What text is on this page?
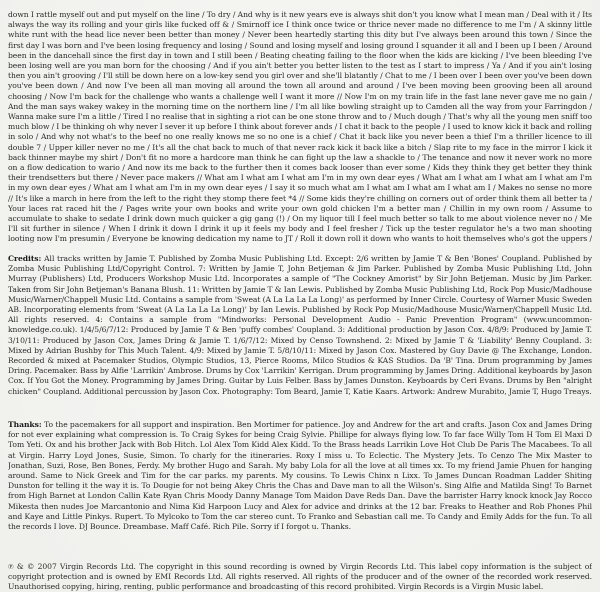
down I rattle myself out and put myself on the line / To dry / And why is it new years eve is always shit don't you know what I mean man / Deal with it / Its always the way its rolling and your girls like fucked off & / Smirnoff ice I think once twice or thrice never made no difference to me I'm / A skinny little white runt with the head lice never been better than money / Never been heartedly starting this dity but I've always been around this town / Since the first day I was born and I've been losing frequency and losing / Sound and losing myself and losing ground I squander it all and I been up I been / Around been in the dancehall since the first day in town and I still been / Beating cheating failing to the floor when the kids are kicking / I've been bleeding I've been losing well are you man born for the choosing / And if you ain't better you better listen to the test as I start to impress / Ya / And if you ain't losing then you ain't grooving / I'll still be down here on a low-key send you girl over and she'll blatantly / Chat to me / I been over I been over you've been down you've been down / And now I've been all man moving all around the town all around and around / I've been moving been grooving been all around choosing / Now I'm back for the challenge who wants a challenge well I want it more // Now I'm on my train life in the fast lane never gave me no gain / And the man says wakey wakey in the morning time on the northern line / I'm all like bowling straight up to Camden all the way from your Farringdon / Wanna make sure I'm a little / Tired I no realise that in sighting a riot can be one stone throw and to / Much dough / That's why all the young men sniff too much blow / I be thinking oh why never I sever it up before I think about forever ands / I chat it back to the people / I used to know kick it back and rolling in solo / And why not what's to the beef no one really knows me so no one is a chief / Chat it back like you never been a thief I'm a thriller licence to ill double 7 / Upper killer never no me / It's all the chat back to much of that never rack kick it back like a bitch / Slap rite to my face in the mirror I kick it back thinner maybe my shirt / Don't fit no more a hardcore man think he can fight up the law a shackle to / The tenance and now it never work no more on a flow dedication to wario / And now its me back to the further then it comes back looser than ever some / Kids they think they get better they think their trendsetters but there / Never pace makers // What am I what am I what am I'm in my own dear eyes / What am I what am I what am I what am I'm in my own dear eyes / What am I what am I'm in my own dear eyes / I say it so much what am I what am I what am I what am I / Makes no sense no more // It's like a march in here from the left to the right they stomp there feet *4 // Some kids they're chilling on corners out of order think them all better ta / Your laces rat raced hit the / Pages write your own books and write your own gold chicken I'm a better man / Chillin in my own room / Assume to accumulate to shake to sedate I drink down much quicker a gig gang (!) / On my liquor till I feel much better so talk to me about violence never no / Me I'll sit further in silence / When I drink it down I drink it up it feels my body and I feel fresher / Tick up the tester regulator he's a two man shooting looting now I'm presumin / Everyone be knowing dedication my name to JT / Roll it down roll it down who wants to hoit themselves who's got the uppers /
Credits: All tracks written by Jamie T. Published by Zomba Music Publishing Ltd. Except: 2/6 written by Jamie T & Ben 'Bones' Coupland. Published by Zomba Music Publishing Ltd/Copyright Control. 7: Written by Jamie T, John Betjeman & Jim Parker. Published by Zomba Music Publishing Ltd, John Murray (Publishers) Ltd, Producers Workshop Music Ltd. Incorporates a sample of "The Cockney Amorist" by Sir John Betjeman. Music by Jim Parker. Taken from Sir John Betjeman's Banana Blush. 11: Written by Jamie T & Ian Lewis. Published by Zomba Music Publishing Ltd, Rock Pop Music/Madhouse Music/Warner/Chappell Music Ltd. Contains a sample from 'Sweat (A La La La La Long)' as performed by Inner Circle. Courtesy of Warner Music Sweden AB. Incorporating elements from 'Sweat (A La La La La Long)' by Ian Lewis. Published by Rock Pop Music/Madhouse Music/Warner/Chappell Music Ltd. All rights reserved. 4: Contains a sample from "Mindworks: Personal Development Audio - Panic Prevention Program" (www.uncommon-knowledge.co.uk). 1/4/5/6/7/12: Produced by Jamie T & Ben 'puffy combes' Coupland. 3: Additional production by Jason Cox. 4/8/9: Produced by Jamie T. 3/10/11: Produced by Jason Cox, James Dring & Jamie T. 1/6/7/12: Mixed by Censo Townshend. 2: Mixed by Jamie T & 'Liability' Benny Coupland. 3: Mixed by Adrian Bushby for This Much Talent. 4/9: Mixed by Jamie T. 5/8/10/11: Mixed by Jason Cox. Mastered by Guy Davie @ The Exchange, London. Recorded & mixed at Pacemaker Studios, Olympic Studios, 13, Pierce Rooms, Milco Studios & KAS Studios. Da 'B' Tina. Drum programming by James Dring. Pacemaker. Bass by Alfie 'Larrikin' Ambrose. Drums by Cox 'Larrikin' Kerrigan. Drum programming by James Dring. Additional keyboards by Jason Cox. If You Got the Money. Programming by James Dring. Guitar by Luis Felber. Bass by James Dunston. Keyboards by Ceri Evans. Drums by Ben "alright chicken" Coupland. Additional percussion by Jason Cox. Photography: Tom Beard, Jamie T, Katie Kaars. Artwork: Andrew Murabito, Jamie T, Hugo Treays.
Thanks: To the pacemakers for all support and inspiration. Ben Mortimer for patience. Joy and Andrew for the art and crafts. Jason Cox and James Dring for not ever explaining what compression is. To Craig Sykes for being Craig Sylvie. Phillipe for always flying low. To far face Willy Tom H Tom El Maxi D Tom Yeti. Ox and his brother Jack with Bob Hitch. Lol Alex Tom Kidd Alex Kidd. To the Brass heads Larrikin Love Hot Club De Paris The Macabees. To all at Virgin. Harry Loyd Jones, Susie, Simon. To charly for the itineraries. Roxy I miss u. To Eclectic. The Mystery Jets. To Cenzo The Mix Master to Jonathan, Suzi, Rose, Ben Bones, Ferdy. My brother Hugo and Sarah. My baby Lola for all the love at all times xx. To my friend Jamie Phuen for hanging around. Same to Nick Greek and Tim for the car parks. my parents. My cousins. To Lewis Chinx n Lixx. To James Duncan Roadman Ladder Shiting Dunston for telling it the way it is. To Dougie for not being Akey Chris the Chas and Dave man to all the Wilson's. Sing Alfie and Matilda Sing! To Barnet from High Barnet at London Callin Kate Ryan Chris Moody Danny Manage Tom Maidon Dave Reds Dan. Dave the barrister Harry knock knock Jay Rocco Mikesta then nudes Joe Marcantonio and Nima Kid Harpoon Lucy and Alex for advice and drinks at the 12 bar. Freaks to Heather and Rob Phones Phil and Kaye and Little Pinkys. Rupert. To Mylcoko to Tom the car stereo cunt. To Franko and Sebastian call me. To Candy and Emily Adds for the fun. To all the records I love. DJ Bounce. Dreambase. Maff Café. Rich Pile. Sorry if I forgot u. Thanks.
℗ & © 2007 Virgin Records Ltd. The copyright in this sound recording is owned by Virgin Records Ltd. This label copy information is the subject of copyright protection and is owned by EMI Records Ltd. All rights reserved. All rights of the producer and of the owner of the recorded work reserved. Unauthorised copying, hiring, renting, public performance and broadcasting of this record prohibited. Virgin Records is a Virgin Music label.
